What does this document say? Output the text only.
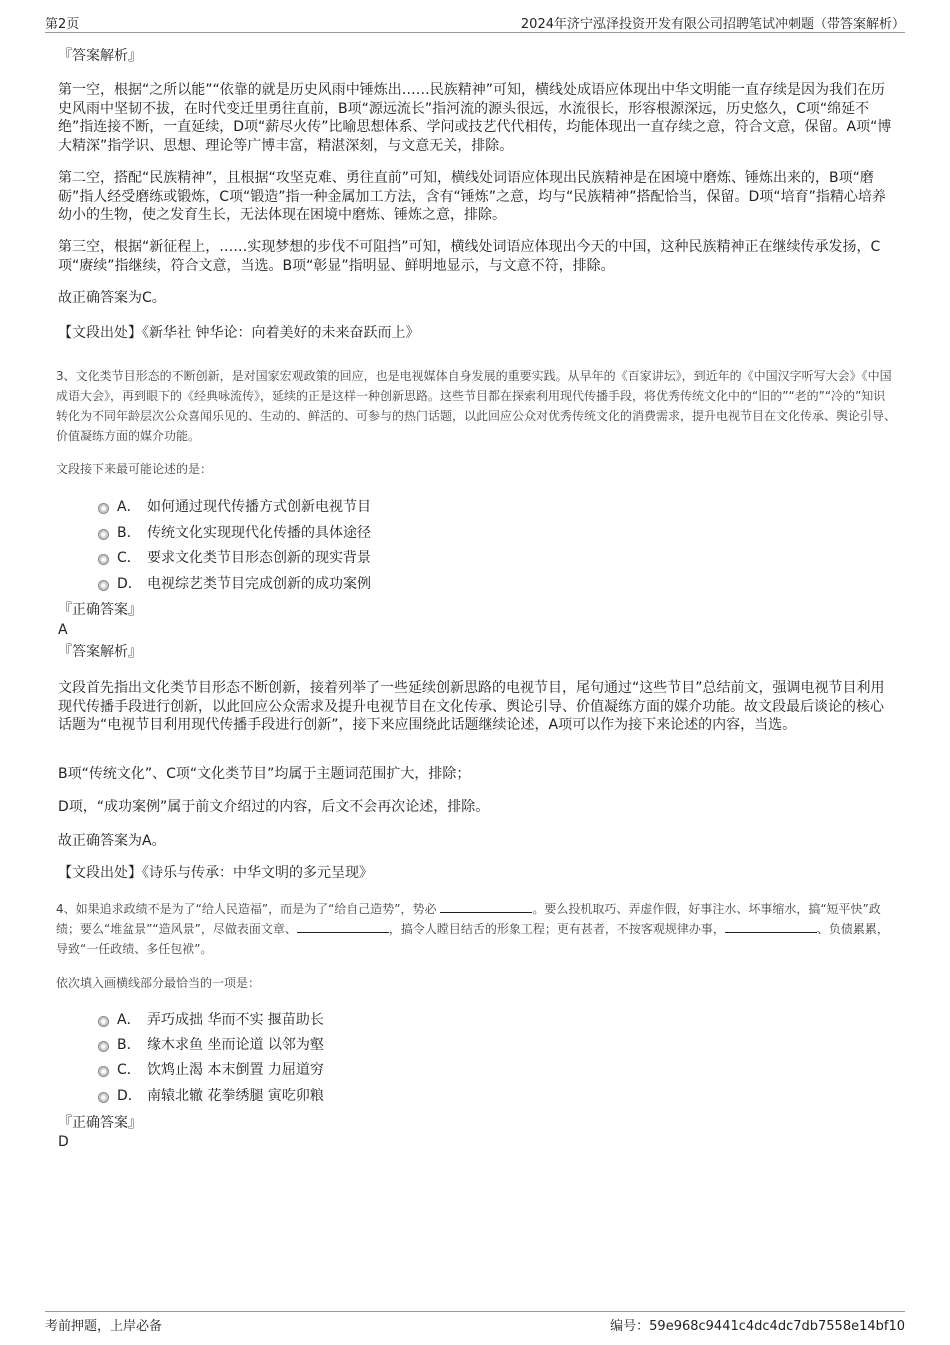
第2页	2024年济宁泓泽投资开发有限公司招聘笔试冲刺题（带答案解析）
『答案解析』
第一空，根据“之所以能”“依靠的就是历史风雨中锤炼出……民族精神”可知，横线处成语应体现出中华文明能一直存续是因为我们在历史风雨中坚韧不拔，在时代变迁里勇往直前，B项“源远流长”指河流的源头很远，水流很长，形容根源深远，历史悠久，C项“绵延不绝”指连接不断，一直延续，D项“薪尽火传”比喻思想体系、学问或技艺代代相传，均能体现出一直存续之意，符合文意，保留。A项“博大精深”指学识、思想、理论等广博丰富，精湛深刻，与文意无关，排除。
第二空，搭配“民族精神”，且根据“攻坚克难、勇往直前”可知，横线处词语应体现出民族精神是在困境中磨炼、锤炼出来的，B项“磨砺”指人经受磨练或锻炼，C项“锻造”指一种金属加工方法，含有“锤炼”之意，均与“民族精神”搭配恰当，保留。D项“培育”指精心培养幼小的生物，使之发育生长，无法体现在困境中磨炼、锤炼之意，排除。
第三空，根据“新征程上，……实现梦想的步伐不可阻挡”可知，横线处词语应体现出今天的中国，这种民族精神正在继续传承发扬，C项“赓续”指继续，符合文意，当选。B项“彰显”指明显、鲜明地显示，与文意不符，排除。
故正确答案为C。
【文段出处】《新华社 钟华论：向着美好的未来奋跃而上》
3、文化类节目形态的不断创新，是对国家宏观政策的回应，也是电视媒体自身发展的重要实践。从早年的《百家讲坛》，到近年的《中国汉字听写大会》《中国成语大会》，再到眼下的《经典咏流传》，延续的正是这样一种创新思路。这些节目都在探索利用现代传播手段，将优秀传统文化中的“旧的”“老的”“冷的”知识转化为不同年龄层次公众喜闻乐见的、生动的、鲜活的、可参与的热门话题，以此回应公众对优秀传统文化的消费需求，提升电视节目在文化传承、舆论引导、价值凝练方面的媒介功能。
文段接下来最可能论述的是：
A． 如何通过现代传播方式创新电视节目
B． 传统文化实现现代化传播的具体途径
C． 要求文化类节目形态创新的现实背景
D． 电视综艺类节目完成创新的成功案例
『正确答案』
A
『答案解析』
文段首先指出文化类节目形态不断创新，接着列举了一些延续创新思路的电视节目，尾句通过“这些节目”总结前文，强调电视节目利用现代传播手段进行创新，以此回应公众需求及提升电视节目在文化传承、舆论引导、价值凝练方面的媒介功能。故文段最后谈论的核心话题为“电视节目利用现代传播手段进行创新”，接下来应围绕此话题继续论述，A项可以作为接下来论述的内容，当选。
B项“传统文化”、C项“文化类节目”均属于主题词范围扩大，排除；
D项，“成功案例”属于前文介绍过的内容，后文不会再次论述，排除。
故正确答案为A。
【文段出处】《诗乐与传承：中华文明的多元呈现》
4、如果追求政绩不是为了“给人民造福”，而是为了“给自己造势”，势必	。要么投机取巧、弄虚作假，好事注水、坏事缩水，搞“短平快”政绩；要么“堆盆景”“造风景”，尽做表面文章、	，搞令人瞠目结舌的形象工程；更有甚者，不按客观规律办事，	、负债累累，导致“一任政绩、多任包袱”。
依次填入画横线部分最恰当的一项是：
A． 弄巧成拙 华而不实 揠苗助长
B． 缘木求鱼 坐而论道 以邻为壑
C． 饮鸩止渴 本末倒置 力屈道穷
D． 南辕北辙 花拳绣腿 寅吃卯粮
『正确答案』
D
考前押题，上岸必备	编号：59e968c9441c4dc4dc7db7558e14bf10
